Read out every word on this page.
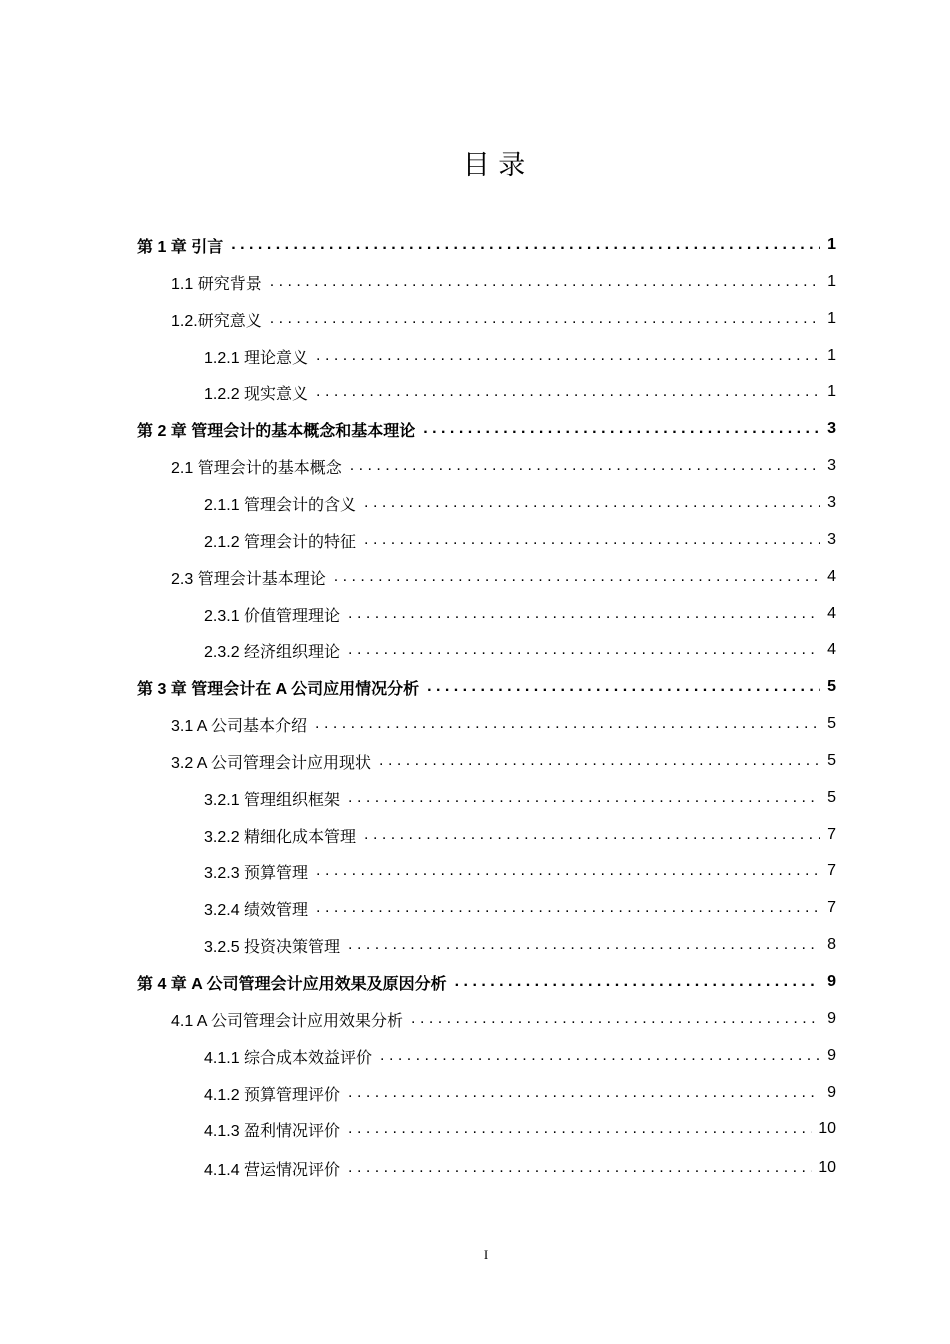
目 录
第 1 章 引言 . . .	1
1.1 研究背景 . . .	1
1.2.研究意义 . . .	1
1.2.1 理论意义 . . .	1
1.2.2 现实意义 . . .	1
第 2 章 管理会计的基本概念和基本理论 . . .	3
2.1 管理会计的基本概念 . . .	3
2.1.1 管理会计的含义 . . .	3
2.1.2 管理会计的特征 . . .	3
2.3 管理会计基本理论 . . .	4
2.3.1 价值管理理论 . . .	4
2.3.2 经济组织理论 . . .	4
第 3 章 管理会计在 A 公司应用情况分析 . . .	5
3.1 A 公司基本介绍 . . .	5
3.2 A 公司管理会计应用现状 . . .	5
3.2.1 管理组织框架 . . .	5
3.2.2 精细化成本管理 . . .	7
3.2.3 预算管理 . . .	7
3.2.4 绩效管理 . . .	7
3.2.5 投资决策管理 . . .	8
第 4 章 A 公司管理会计应用效果及原因分析 . . .	9
4.1 A 公司管理会计应用效果分析 . . .	9
4.1.1 综合成本效益评价 . . .	9
4.1.2 预算管理评价 . . .	9
4.1.3 盈利情况评价 . . .	10
4.1.4 营运情况评价 . . .	10
I
